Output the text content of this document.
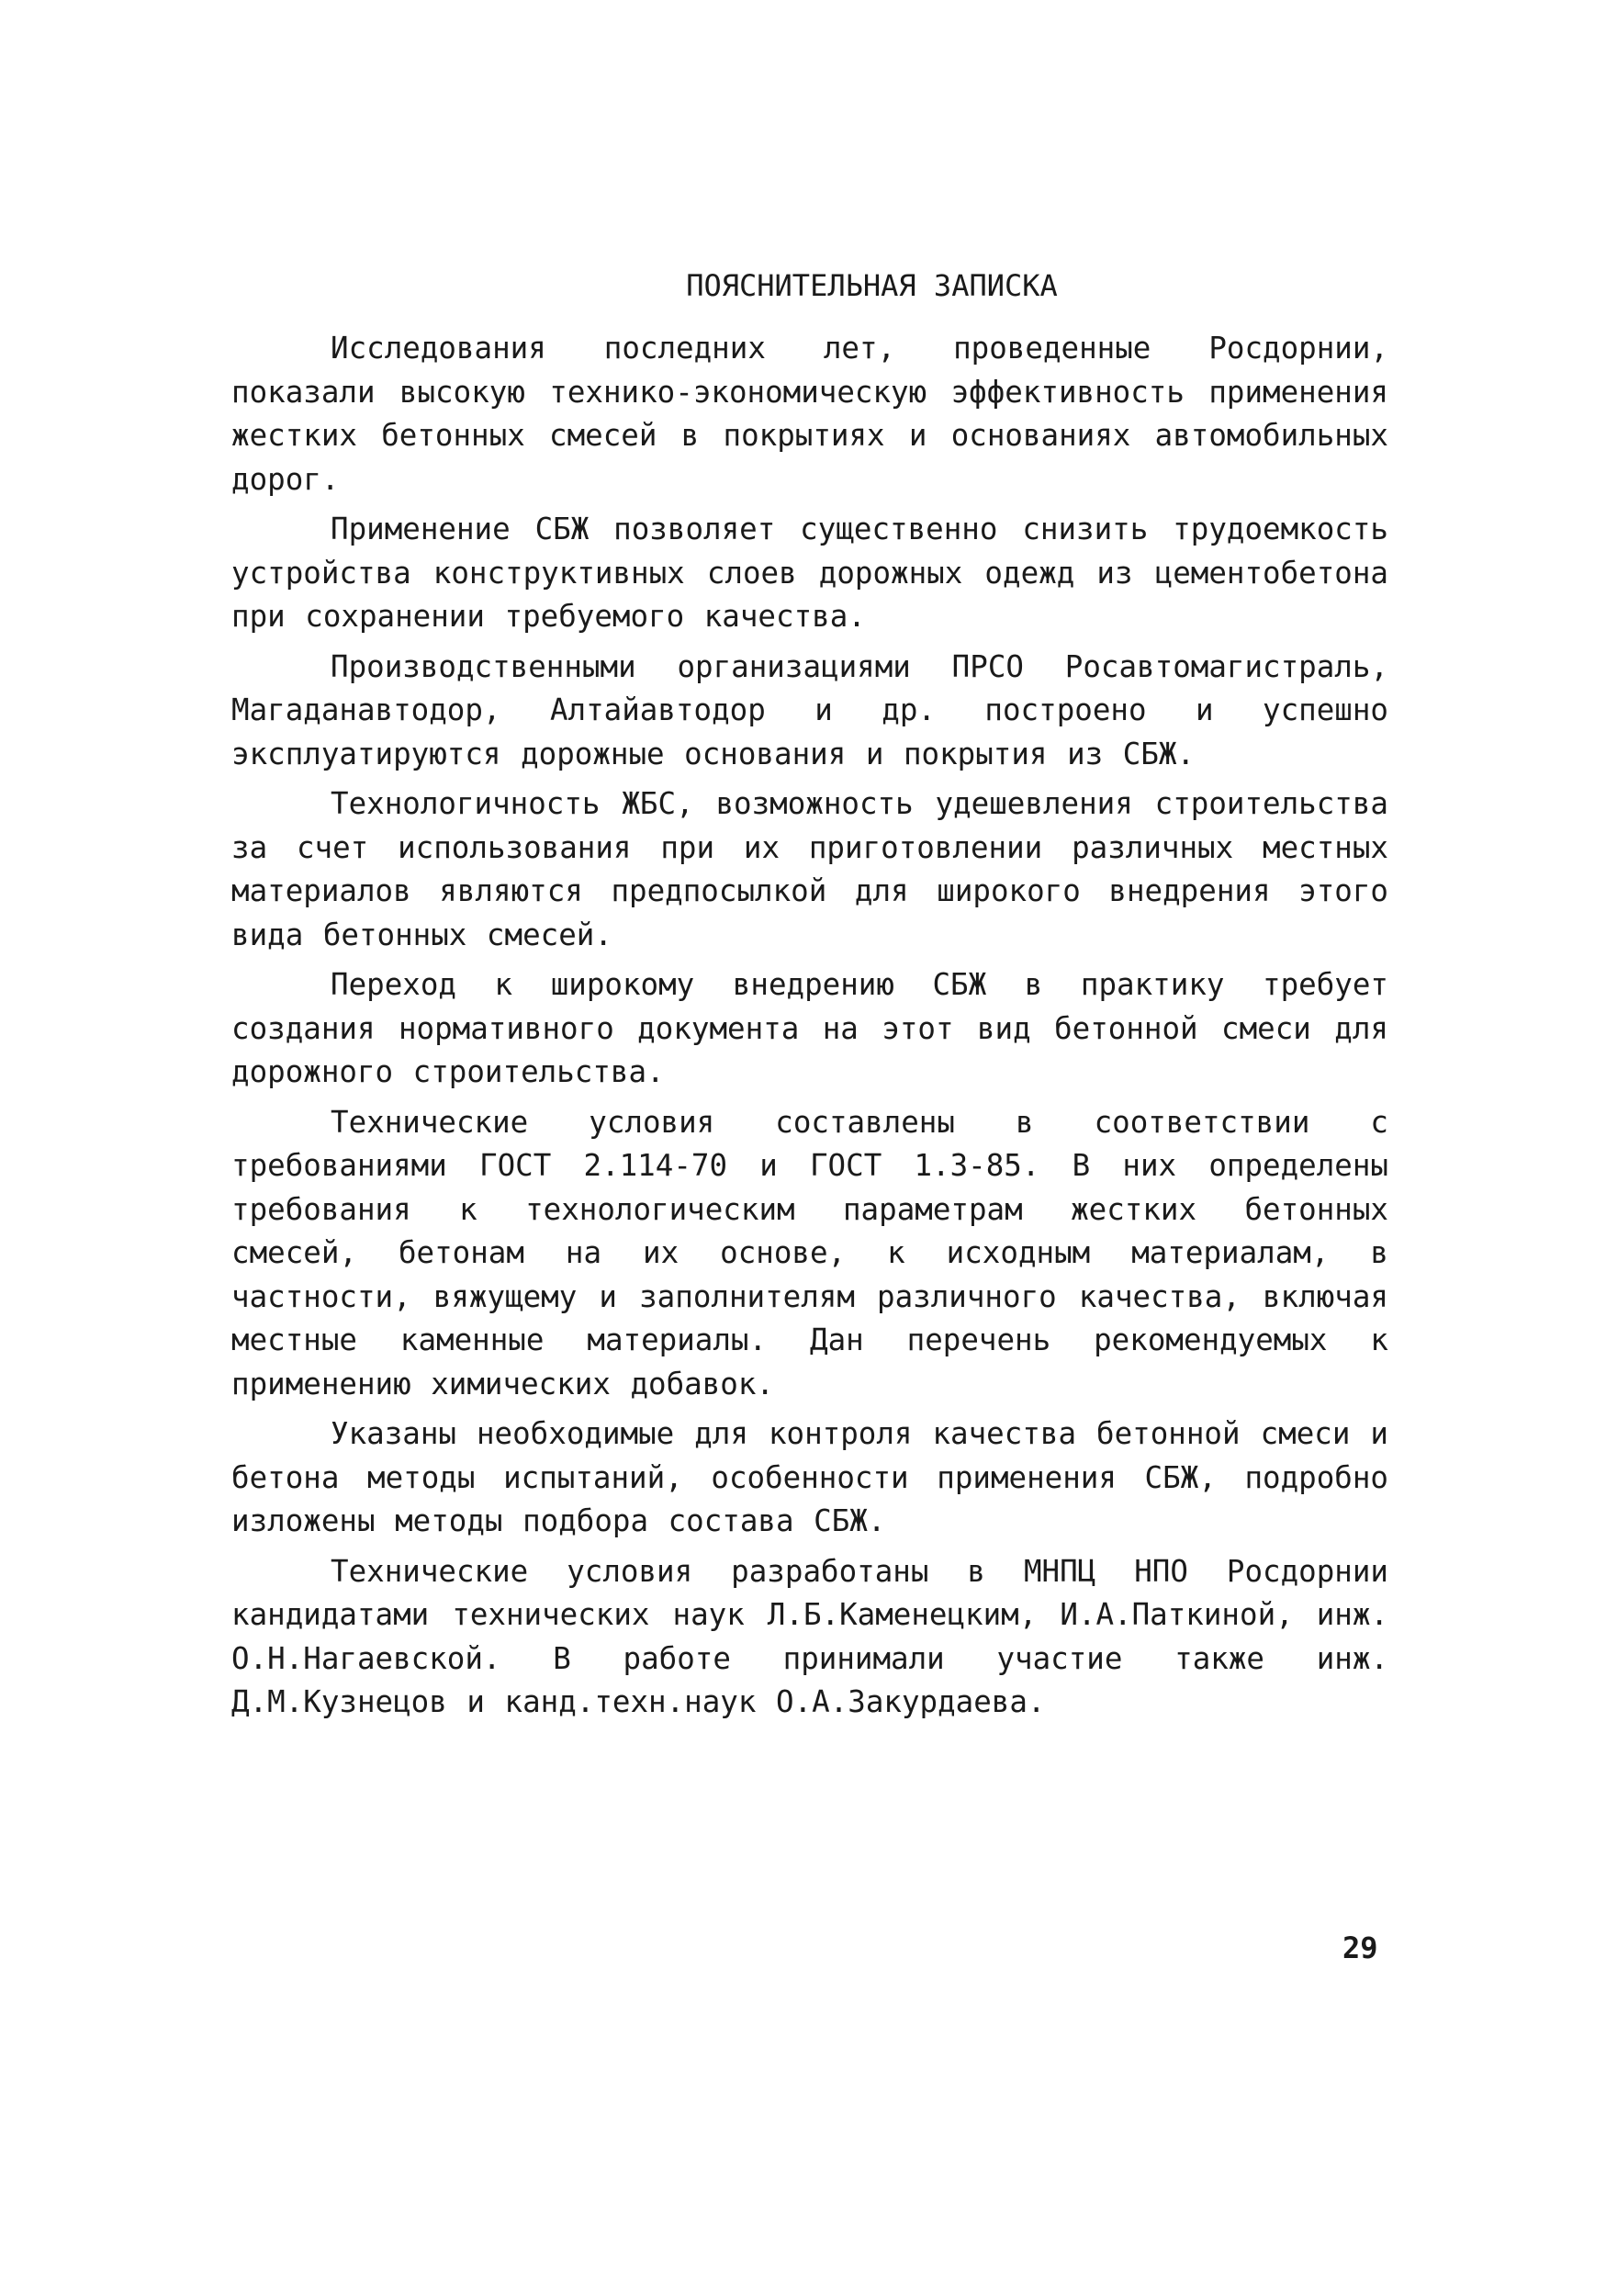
ПОЯСНИТЕЛЬНАЯ ЗАПИСКА

Исследования последних лет, проведенные Росдорнии, показали высокую технико-экономическую эффективность применения жестких бетонных смесей в покрытиях и основаниях автомобильных дорог.

Применение СБЖ позволяет существенно снизить трудоемкость устройства конструктивных слоев дорожных одежд из цементобетона при сохранении требуемого качества.

Производственными организациями ПРСО Росавтомагистраль, Магаданавтодор, Алтайавтодор и др. построено и успешно эксплуатируются дорожные основания и покрытия из СБЖ.

Технологичность ЖБС, возможность удешевления строительства за счет использования при их приготовлении различных местных материалов являются предпосылкой для широкого внедрения этого вида бетонных смесей.

Переход к широкому внедрению СБЖ в практику требует создания нормативного документа на этот вид бетонной смеси для дорожного строительства.

Технические условия составлены в соответствии с требованиями ГОСТ 2.114-70 и ГОСТ 1.3-85. В них определены требования к технологическим параметрам жестких бетонных смесей, бетонам на их основе, к исходным материалам, в частности, вяжущему и заполнителям различного качества, включая местные каменные материалы. Дан перечень рекомендуемых к применению химических добавок.

Указаны необходимые для контроля качества бетонной смеси и бетона методы испытаний, особенности применения СБЖ, подробно изложены методы подбора состава СБЖ.

Технические условия разработаны в МНПЦ НПО Росдорнии кандидатами технических наук Л.Б.Каменецким, И.А.Паткиной, инж. О.Н.Нагаевской. В работе принимали участие также инж. Д.М.Кузнецов и канд.техн.наук О.А.Закурдаева.

29
